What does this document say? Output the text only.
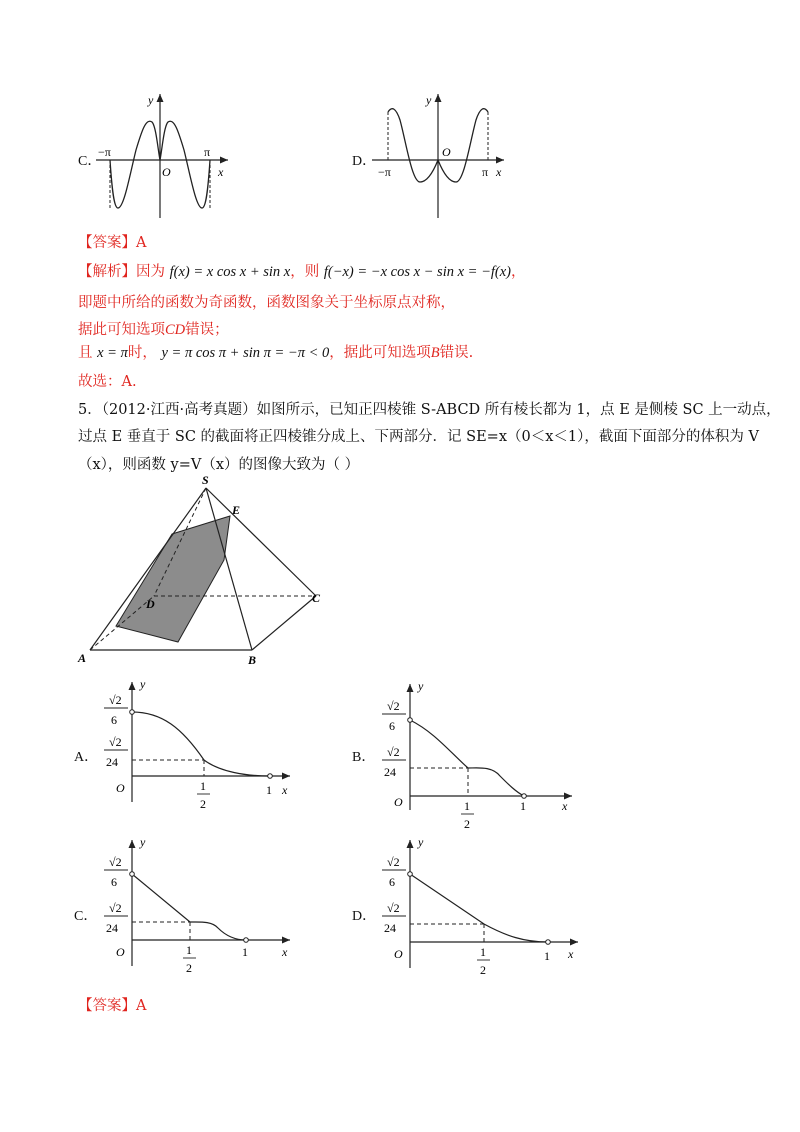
C．
−π	π
O	x
y
D．
−π	π
O
x
y
【答案】A
【解析】因为 f(x) = x cos x + sin x，则 f(−x) = −x cos x − sin x = −f(x)，
即题中所给的函数为奇函数，函数图象关于坐标原点对称，
据此可知选项CD错误；
且 x = π时， y = π cos π + sin π = −π < 0，据此可知选项B错误.
故选：A.
5．（2012·江西·高考真题）如图所示，已知正四棱锥 S-ABCD 所有棱长都为 1，点 E 是侧棱 SC 上一动点，
过点 E 垂直于 SC 的截面将正四棱锥分成上、下两部分．记 SE=x（0＜x＜1），截面下面部分的体积为 V
（x），则函数 y=V（x）的图像大致为（ ）
S
E
D	C
A	B
A．
√2
6
√2
24
O	1
2
1 x
y
B．
√2
6
√2
24
O	1
2
1	x
y
C．
√2
6
√2
24
O	1
2
1	x
y
D．
√2
6
√2
24
O	1
2
1 x
y
【答案】A
